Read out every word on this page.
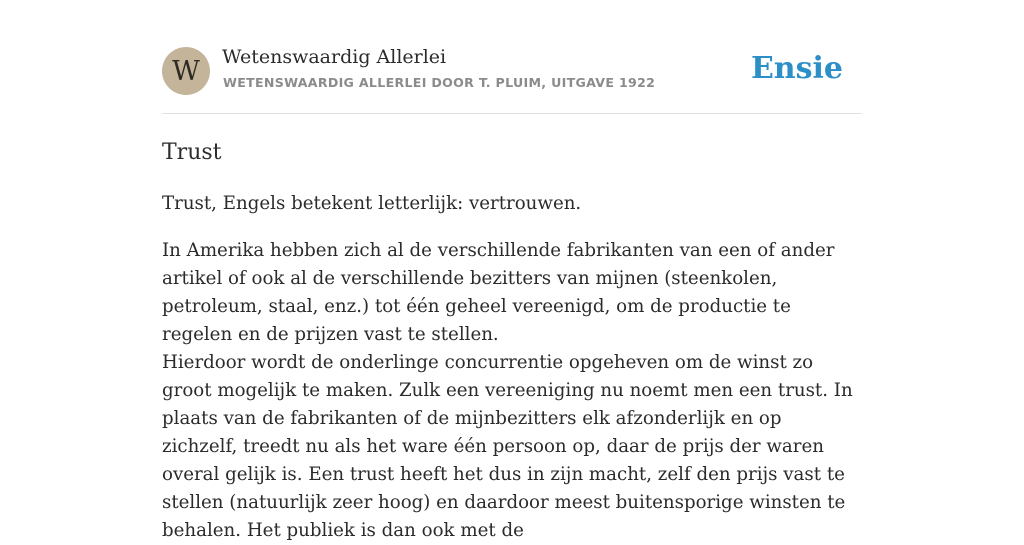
W	Wetenswaardig Allerlei
WETENSWAARDIG ALLERLEI DOOR T. PLUIM, UITGAVE 1922	Ensie
Trust

Trust, Engels betekent letterlijk: vertrouwen.

In Amerika hebben zich al de verschillende fabrikanten van een of ander artikel of ook al de verschillende bezitters van mijnen (steenkolen, petroleum, staal, enz.) tot één geheel vereenigd, om de productie te regelen en de prijzen vast te stellen.

Hierdoor wordt de onderlinge concurrentie opgeheven om de winst zo groot mogelijk te maken. Zulk een vereeniging nu noemt men een trust. In plaats van de fabrikanten of de mijnbezitters elk afzonderlijk en op zichzelf, treedt nu als het ware één persoon op, daar de prijs der waren overal gelijk is. Een trust heeft het dus in zijn macht, zelf den prijs vast te stellen (natuurlijk zeer hoog) en daardoor meest buitensporige winsten te behalen. Het publiek is dan ook met de
